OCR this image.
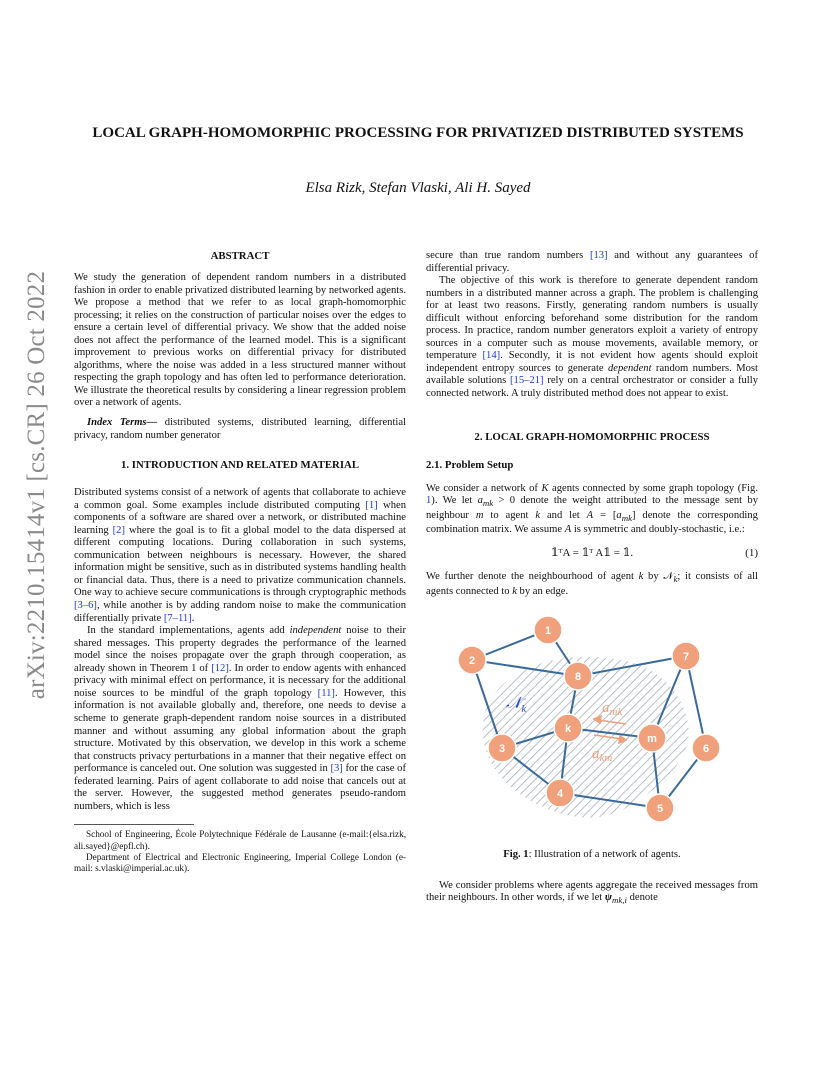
arXiv:2210.15414v1 [cs.CR] 26 Oct 2022
LOCAL GRAPH-HOMOMORPHIC PROCESSING FOR PRIVATIZED DISTRIBUTED SYSTEMS
Elsa Rizk, Stefan Vlaski, Ali H. Sayed
ABSTRACT

We study the generation of dependent random numbers in a distributed fashion in order to enable privatized distributed learning by networked agents. We propose a method that we refer to as local graph-homomorphic processing; it relies on the construction of particular noises over the edges to ensure a certain level of differential privacy. We show that the added noise does not affect the performance of the learned model. This is a significant improvement to previous works on differential privacy for distributed algorithms, where the noise was added in a less structured manner without respecting the graph topology and has often led to performance deterioration. We illustrate the theoretical results by considering a linear regression problem over a network of agents.

Index Terms— distributed systems, distributed learning, differential privacy, random number generator

1. INTRODUCTION AND RELATED MATERIAL

Distributed systems consist of a network of agents that collaborate to achieve a common goal. Some examples include distributed computing [1] when components of a software are shared over a network, or distributed machine learning [2] where the goal is to fit a global model to the data dispersed at different computing locations. During collaboration in such systems, communication between neighbours is necessary. However, the shared information might be sensitive, such as in distributed systems handling health or financial data. Thus, there is a need to privatize communication channels. One way to achieve secure communications is through cryptographic methods [3–6], while another is by adding random noise to make the communication differentially private [7–11].

In the standard implementations, agents add independent noise to their shared messages. This property degrades the performance of the learned model since the noises propagate over the graph through cooperation, as already shown in Theorem 1 of [12]. In order to endow agents with enhanced privacy with minimal effect on performance, it is necessary for the additional noise sources to be mindful of the graph topology [11]. However, this information is not available globally and, therefore, one needs to devise a scheme to generate graph-dependent random noise sources in a distributed manner and without assuming any global information about the graph structure. Motivated by this observation, we develop in this work a scheme that constructs privacy perturbations in a manner that their negative effect on performance is canceled out. One solution was suggested in [3] for the case of federated learning. Pairs of agent collaborate to add noise that cancels out at the server. However, the suggested method generates pseudo-random numbers, which is less

School of Engineering, École Polytechnique Fédérale de Lausanne (e-mail:{elsa.rizk, ali.sayed}@epfl.ch).

Department of Electrical and Electronic Engineering, Imperial College London (e-mail: s.vlaski@imperial.ac.uk).

secure than true random numbers [13] and without any guarantees of differential privacy.

The objective of this work is therefore to generate dependent random numbers in a distributed manner across a graph. The problem is challenging for at least two reasons. Firstly, generating random numbers is usually difficult without enforcing beforehand some distribution for the random process. In practice, random number generators exploit a variety of entropy sources in a computer such as mouse movements, available memory, or temperature [14]. Secondly, it is not evident how agents should exploit independent entropy sources to generate dependent random numbers. Most available solutions [15–21] rely on a central orchestrator or consider a fully connected network. A truly distributed method does not appear to exist.

2. LOCAL GRAPH-HOMOMORPHIC PROCESS
2.1. Problem Setup

We consider a network of K agents connected by some graph topology (Fig. 1). We let $a_{mk} > 0$ denote the weight attributed to the message sent by neighbour m to agent k and let $A = [a_{mk}]$ denote the corresponding combination matrix. We assume A is symmetric and doubly-stochastic, i.e.:

𝟙ᵀA = 𝟙ᵀ A𝟙 = 𝟙.	(1)

We further denote the neighbourhood of agent k by 𝒩$_k$; it consists of all agents connected to k by an edge.

1
2
8
7
k
m
3
4
5
6
𝒩$_k$	$a_{mk}$
$a_{km}$

Fig. 1: Illustration of a network of agents.

We consider problems where agents aggregate the received messages from their neighbours. In other words, if we let $\psi_{mk,i}$ denote
